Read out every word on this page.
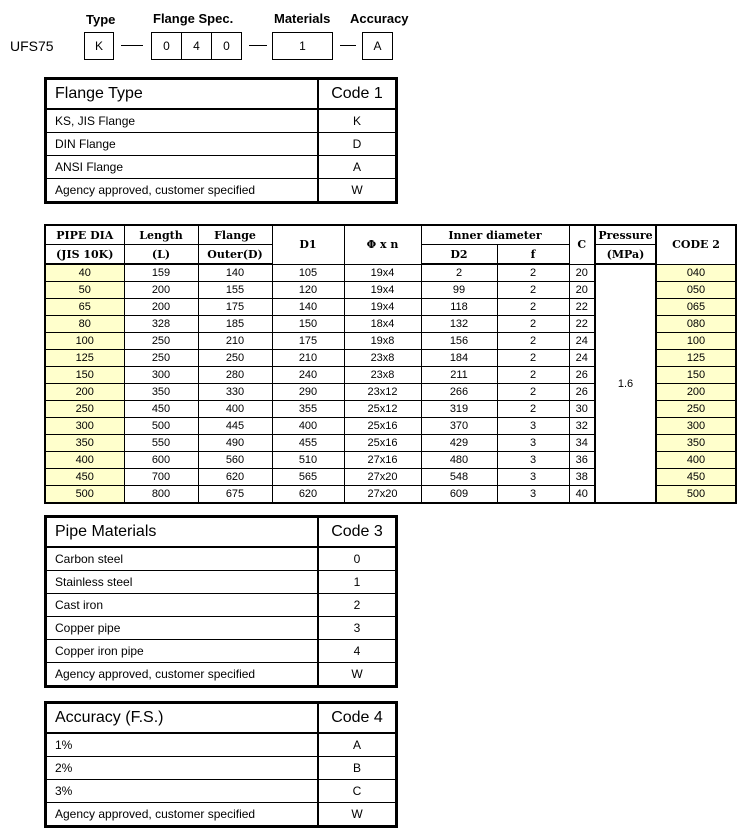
Type	Flange Spec.	Materials Accuracy
UFS75	K	0	4	0	1	A
Flange Type	Code 1
KS, JIS Flange	K
DIN Flange	D
ANSI Flange	A
Agency approved, customer specified	W
PIPE DIA	Length	Flange	D1	Φ x n	Inner diameter		C	Pressure	CODE 2
(JIS 10K)	(L)	Outer(D)			D2	f		(MPa)	
40	159	140	105	19x4	2	2	20	1.6	040
50	200	155	120	19x4	99	2	20		050
65	200	175	140	19x4	118	2	22		065
80	328	185	150	18x4	132	2	22		080
100	250	210	175	19x8	156	2	24		100
125	250	250	210	23x8	184	2	24		125
150	300	280	240	23x8	211	2	26		150
200	350	330	290	23x12	266	2	26		200
250	450	400	355	25x12	319	2	30		250
300	500	445	400	25x16	370	3	32		300
350	550	490	455	25x16	429	3	34		350
400	600	560	510	27x16	480	3	36		400
450	700	620	565	27x20	548	3	38		450
500	800	675	620	27x20	609	3	40		500
Pipe Materials	Code 3
Carbon steel	0
Stainless steel	1
Cast iron	2
Copper pipe	3
Copper iron pipe	4
Agency approved, customer specified	W
Accuracy (F.S.)	Code 4
1%	A
2%	B
3%	C
Agency approved, customer specified	W
